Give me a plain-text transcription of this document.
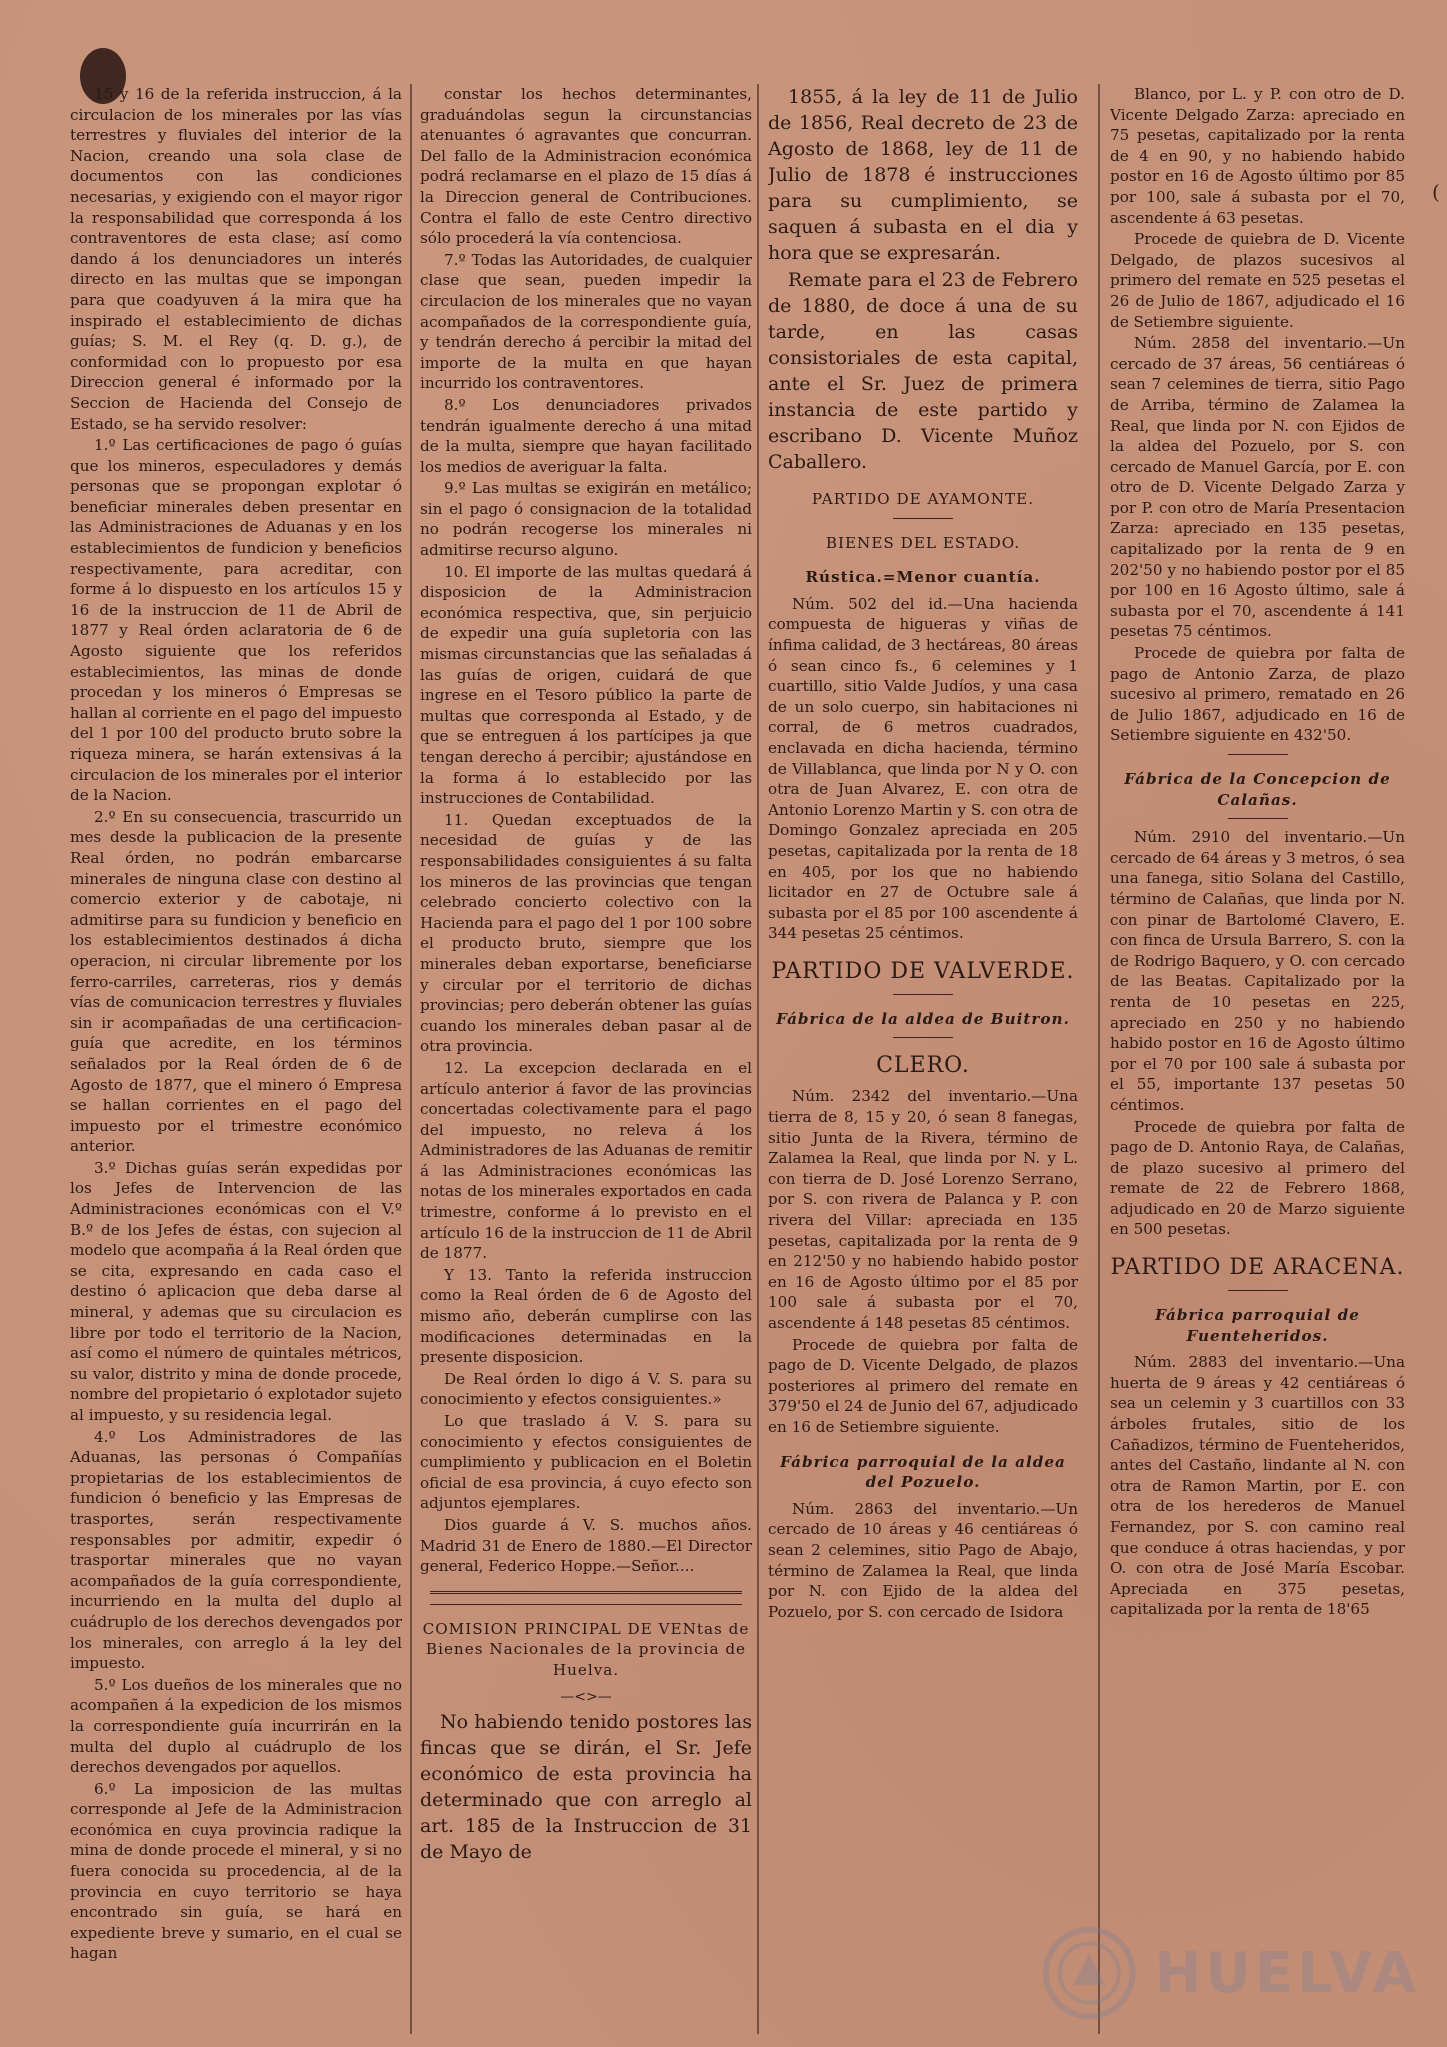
15 y 16 de la referida instruccion, á la circulacion de los minerales por las vías terrestres y fluviales del interior de la Nacion, creando una sola clase de documentos con las condiciones necesarias, y exigiendo con el mayor rigor la responsabilidad que corresponda á los contraventores de esta clase; así como dando á los denunciadores un interés directo en las multas que se impongan para que coadyuven á la mira que ha inspirado el establecimiento de dichas guías; S. M. el Rey (q. D. g.), de conformidad con lo propuesto por esa Direccion general é informado por la Seccion de Hacienda del Consejo de Estado, se ha servido resolver:

1.º Las certificaciones de pago ó guías que los mineros, especuladores y demás personas que se propongan explotar ó beneficiar minerales deben presentar en las Administraciones de Aduanas y en los establecimientos de fundicion y beneficios respectivamente, para acreditar, con forme á lo dispuesto en los artículos 15 y 16 de la instruccion de 11 de Abril de 1877 y Real órden aclaratoria de 6 de Agosto siguiente que los referidos establecimientos, las minas de donde procedan y los mineros ó Empresas se hallan al corriente en el pago del impuesto del 1 por 100 del producto bruto sobre la riqueza minera, se harán extensivas á la circulacion de los minerales por el interior de la Nacion.

2.º En su consecuencia, trascurrido un mes desde la publicacion de la presente Real órden, no podrán embarcarse minerales de ninguna clase con destino al comercio exterior y de cabotaje, ni admitirse para su fundicion y beneficio en los establecimientos destinados á dicha operacion, ni circular libremente por los ferro-carriles, carreteras, rios y demás vías de comunicacion terrestres y fluviales sin ir acompañadas de una certificacion-guía que acredite, en los términos señalados por la Real órden de 6 de Agosto de 1877, que el minero ó Empresa se hallan corrientes en el pago del impuesto por el trimestre económico anterior.

3.º Dichas guías serán expedidas por los Jefes de Intervencion de las Administraciones económicas con el V.º B.º de los Jefes de éstas, con sujecion al modelo que acompaña á la Real órden que se cita, expresando en cada caso el destino ó aplicacion que deba darse al mineral, y ademas que su circulacion es libre por todo el territorio de la Nacion, así como el número de quintales métricos, su valor, distrito y mina de donde procede, nombre del propietario ó explotador sujeto al impuesto, y su residencia legal.

4.º Los Administradores de las Aduanas, las personas ó Compañías propietarias de los establecimientos de fundicion ó beneficio y las Empresas de trasportes, serán respectivamente responsables por admitir, expedir ó trasportar minerales que no vayan acompañados de la guía correspondiente, incurriendo en la multa del duplo al cuádruplo de los derechos devengados por los minerales, con arreglo á la ley del impuesto.

5.º Los dueños de los minerales que no acompañen á la expedicion de los mismos la correspondiente guía incurrirán en la multa del duplo al cuádruplo de los derechos devengados por aquellos.

6.º La imposicion de las multas corresponde al Jefe de la Administracion económica en cuya provincia radique la mina de donde procede el mineral, y si no fuera conocida su procedencia, al de la provincia en cuyo territorio se haya encontrado sin guía, se hará en expediente breve y sumario, en el cual se hagan

constar los hechos determinantes, graduándolas segun la circunstancias atenuantes ó agravantes que concurran. Del fallo de la Administracion económica podrá reclamarse en el plazo de 15 días á la Direccion general de Contribuciones. Contra el fallo de este Centro directivo sólo procederá la vía contenciosa.

7.º Todas las Autoridades, de cualquier clase que sean, pueden impedir la circulacion de los minerales que no vayan acompañados de la correspondiente guía, y tendrán derecho á percibir la mitad del importe de la multa en que hayan incurrido los contraventores.

8.º Los denunciadores privados tendrán igualmente derecho á una mitad de la multa, siempre que hayan facilitado los medios de averiguar la falta.

9.º Las multas se exigirán en metálico; sin el pago ó consignacion de la totalidad no podrán recogerse los minerales ni admitirse recurso alguno.

10. El importe de las multas quedará á disposicion de la Administracion económica respectiva, que, sin perjuicio de expedir una guía supletoria con las mismas circunstancias que las señaladas á las guías de origen, cuidará de que ingrese en el Tesoro público la parte de multas que corresponda al Estado, y de que se entreguen á los partícipes ja que tengan derecho á percibir; ajustándose en la forma á lo establecido por las instrucciones de Contabilidad.

11. Quedan exceptuados de la necesidad de guías y de las responsabilidades consiguientes á su falta los mineros de las provincias que tengan celebrado concierto colectivo con la Hacienda para el pago del 1 por 100 sobre el producto bruto, siempre que los minerales deban exportarse, beneficiarse y circular por el territorio de dichas provincias; pero deberán obtener las guías cuando los minerales deban pasar al de otra provincia.

12. La excepcion declarada en el artículo anterior á favor de las provincias concertadas colectivamente para el pago del impuesto, no releva á los Administradores de las Aduanas de remitir á las Administraciones económicas las notas de los minerales exportados en cada trimestre, conforme á lo previsto en el artículo 16 de la instruccion de 11 de Abril de 1877.

Y 13. Tanto la referida instruccion como la Real órden de 6 de Agosto del mismo año, deberán cumplirse con las modificaciones determinadas en la presente disposicion.

De Real órden lo digo á V. S. para su conocimiento y efectos consiguientes.»

Lo que traslado á V. S. para su conocimiento y efectos consiguientes de cumplimiento y publicacion en el Boletin oficial de esa provincia, á cuyo efecto son adjuntos ejemplares.

Dios guarde á V. S. muchos años. Madrid 31 de Enero de 1880.—El Director general, Federico Hoppe.—Señor....

COMISION PRINCIPAL DE VENtas de Bienes Nacionales de la provincia de Huelva.

—<>—

No habiendo tenido postores las fincas que se dirán, el Sr. Jefe económico de esta provincia ha determinado que con arreglo al art. 185 de la Instruccion de 31 de Mayo de

1855, á la ley de 11 de Julio de 1856, Real decreto de 23 de Agosto de 1868, ley de 11 de Julio de 1878 é instrucciones para su cumplimiento, se saquen á subasta en el dia y hora que se expresarán.

Remate para el 23 de Febrero de 1880, de doce á una de su tarde, en las casas consistoriales de esta capital, ante el Sr. Juez de primera instancia de este partido y escribano D. Vicente Muñoz Caballero.

PARTIDO DE AYAMONTE.

BIENES DEL ESTADO.

Rústica.=Menor cuantía.

Núm. 502 del id.—Una hacienda compuesta de higueras y viñas de ínfima calidad, de 3 hectáreas, 80 áreas ó sean cinco fs., 6 celemines y 1 cuartillo, sitio Valde Judíos, y una casa de un solo cuerpo, sin habitaciones ni corral, de 6 metros cuadrados, enclavada en dicha hacienda, término de Villablanca, que linda por N y O. con otra de Juan Alvarez, E. con otra de Antonio Lorenzo Martin y S. con otra de Domingo Gonzalez apreciada en 205 pesetas, capitalizada por la renta de 18 en 405, por los que no habiendo licitador en 27 de Octubre sale á subasta por el 85 por 100 ascendente á 344 pesetas 25 céntimos.

PARTIDO DE VALVERDE.

Fábrica de la aldea de Buitron.

CLERO.

Núm. 2342 del inventario.—Una tierra de 8, 15 y 20, ó sean 8 fanegas, sitio Junta de la Rivera, término de Zalamea la Real, que linda por N. y L. con tierra de D. José Lorenzo Serrano, por S. con rivera de Palanca y P. con rivera del Villar: apreciada en 135 pesetas, capitalizada por la renta de 9 en 212'50 y no habiendo habido postor en 16 de Agosto último por el 85 por 100 sale á subasta por el 70, ascendente á 148 pesetas 85 céntimos.

Procede de quiebra por falta de pago de D. Vicente Delgado, de plazos posteriores al primero del remate en 379'50 el 24 de Junio del 67, adjudicado en 16 de Setiembre siguiente.

Fábrica parroquial de la aldea del Pozuelo.

Núm. 2863 del inventario.—Un cercado de 10 áreas y 46 centiáreas ó sean 2 celemines, sitio Pago de Abajo, término de Zalamea la Real, que linda por N. con Ejido de la aldea del Pozuelo, por S. con cercado de Isidora

Blanco, por L. y P. con otro de D. Vicente Delgado Zarza: apreciado en 75 pesetas, capitalizado por la renta de 4 en 90, y no habiendo habido postor en 16 de Agosto último por 85 por 100, sale á subasta por el 70, ascendente á 63 pesetas.

Procede de quiebra de D. Vicente Delgado, de plazos sucesivos al primero del remate en 525 pesetas el 26 de Julio de 1867, adjudicado el 16 de Setiembre siguiente.

Núm. 2858 del inventario.—Un cercado de 37 áreas, 56 centiáreas ó sean 7 celemines de tierra, sitio Pago de Arriba, término de Zalamea la Real, que linda por N. con Ejidos de la aldea del Pozuelo, por S. con cercado de Manuel García, por E. con otro de D. Vicente Delgado Zarza y por P. con otro de María Presentacion Zarza: apreciado en 135 pesetas, capitalizado por la renta de 9 en 202'50 y no habiendo postor por el 85 por 100 en 16 Agosto último, sale á subasta por el 70, ascendente á 141 pesetas 75 céntimos.

Procede de quiebra por falta de pago de Antonio Zarza, de plazo sucesivo al primero, rematado en 26 de Julio 1867, adjudicado en 16 de Setiembre siguiente en 432'50.

Fábrica de la Concepcion de Calañas.

Núm. 2910 del inventario.—Un cercado de 64 áreas y 3 metros, ó sea una fanega, sitio Solana del Castillo, término de Calañas, que linda por N. con pinar de Bartolomé Clavero, E. con finca de Ursula Barrero, S. con la de Rodrigo Baquero, y O. con cercado de las Beatas. Capitalizado por la renta de 10 pesetas en 225, apreciado en 250 y no habiendo habido postor en 16 de Agosto último por el 70 por 100 sale á subasta por el 55, importante 137 pesetas 50 céntimos.

Procede de quiebra por falta de pago de D. Antonio Raya, de Calañas, de plazo sucesivo al primero del remate de 22 de Febrero 1868, adjudicado en 20 de Marzo siguiente en 500 pesetas.

PARTIDO DE ARACENA.

Fábrica parroquial de Fuenteheridos.

Núm. 2883 del inventario.—Una huerta de 9 áreas y 42 centiáreas ó sea un celemin y 3 cuartillos con 33 árboles frutales, sitio de los Cañadizos, término de Fuenteheridos, antes del Castaño, lindante al N. con otra de Ramon Martin, por E. con otra de los herederos de Manuel Fernandez, por S. con camino real que conduce á otras haciendas, y por O. con otra de José María Escobar. Apreciada en 375 pesetas, capitalizada por la renta de 18'65

(
HUELVA
